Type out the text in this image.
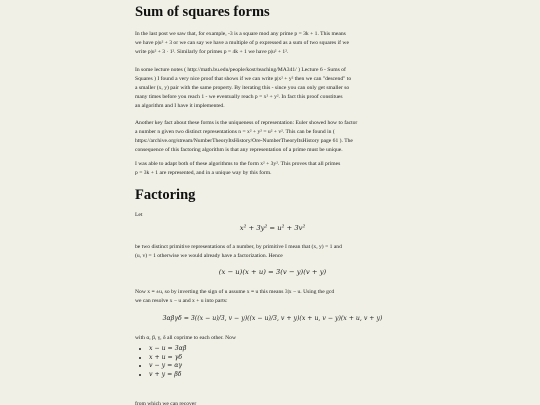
Sum of squares forms

In the last post we saw that, for example, -3 is a square mod any prime p = 3k + 1. This means

we have p|u² + 3 or we can say we have a multiple of p expressed as a sum of two squares if we

write p|u² + 3 · 1². Similarly for primes p = 4k + 1 we have p|u² + 1².

In some lecture notes ( http://math.bu.edu/people/kost/teaching/MA341/ ) Lecture 6 - Sums of

Squares ) I found a very nice proof that shows if we can write p|x² + y² then we can "descend" to

a smaller (x, y) pair with the same property. By iterating this - since you can only get smaller so

many times before you reach 1 - we eventually reach p = x² + y². In fact this proof constitues

an algorithm and I have it implemented.

Another key fact about these forms is the uniqueness of representation: Euler showed how to factor

a number n given two distinct representations n = x² + y² = u² + v². This can be found in (

https://archive.org/stream/NumberTheoryItsHistory/Ore-NumberTheoryItsHistory page 61 ). The

consequence of this factoring algorithm is that any representation of a prime must be unique.

I was able to adapt both of these algorithms to the form x² + 3y². This proves that all primes

p = 3k + 1 are represented, and in a unique way by this form.

Factoring

Let

x² + 3y² = u² + 3v²

be two distinct primitive representations of a number, by primitive I mean that (x, y) = 1 and

(u, v) = 1 otherwise we would already have a factorization. Hence

(x − u)(x + u) = 3(v − y)(v + y)

Now x ≡ ±u, so by inverting the sign of u assume x ≡ u this means 3|x − u. Using the gcd

we can resolve x − u and x + u into parts:

3αβγδ = 3((x − u)/3, v − y)((x − u)/3, v + y)(x + u, v − y)(x + u, v + y)

with α, β, γ, δ all coprime to each other. Now

• x − u = 3αβ
• x + u = γδ
• v − y = αγ
• v + y = βδ

from which we can recover
